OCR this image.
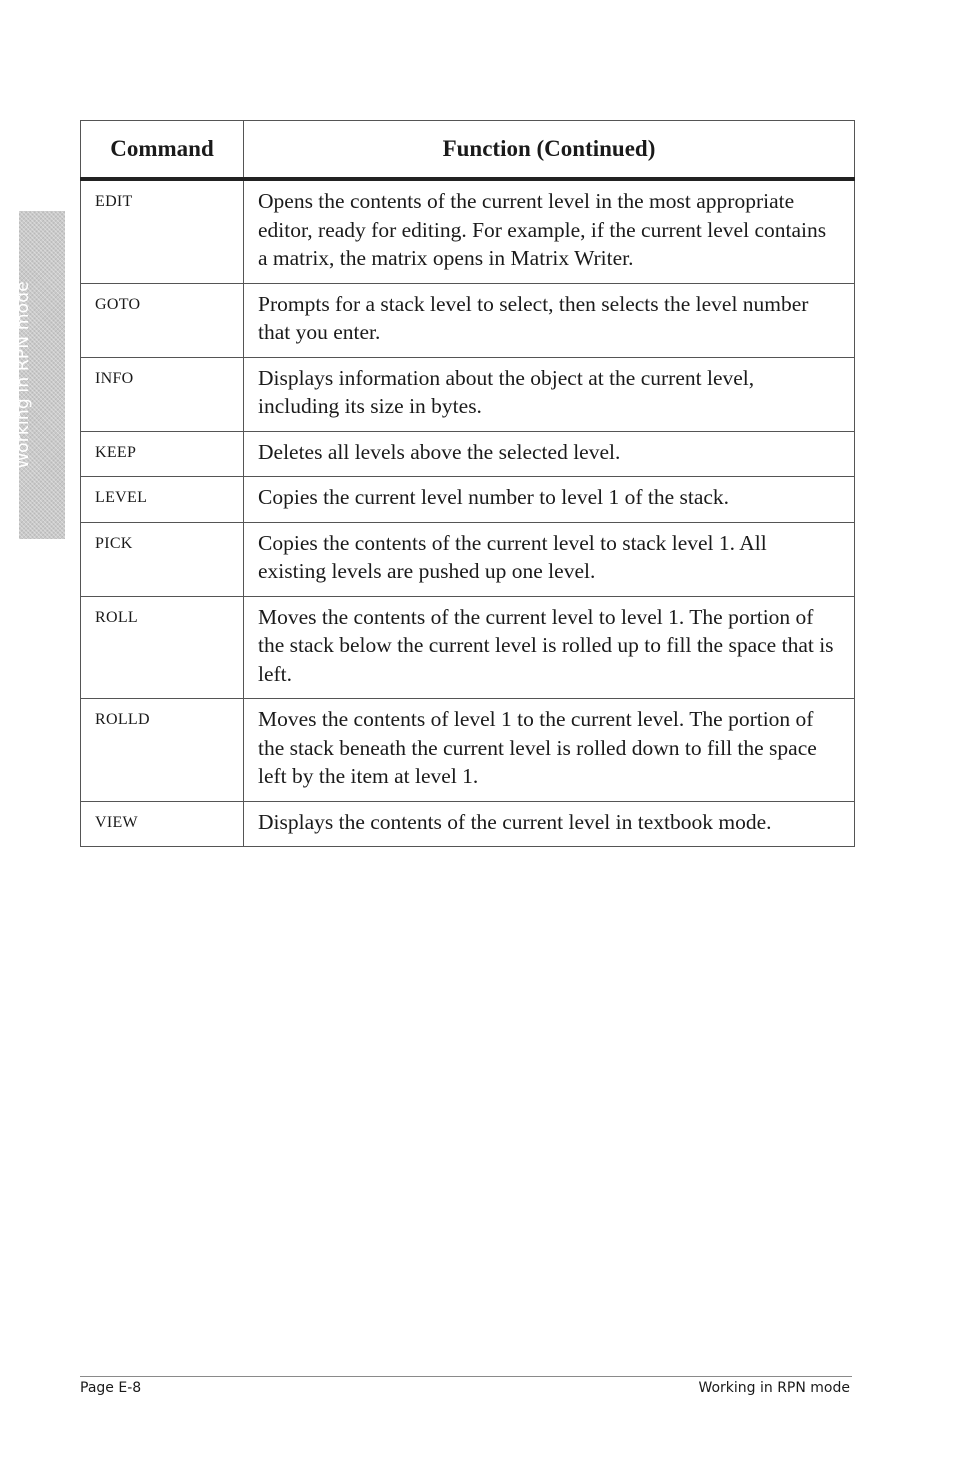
Working in RPN mode
Command	Function (Continued)
EDIT	Opens the contents of the current level in the most appropriate editor, ready for editing. For example, if the current level contains a matrix, the matrix opens in Matrix Writer.
GOTO	Prompts for a stack level to select, then selects the level number that you enter.
INFO	Displays information about the object at the current level, including its size in bytes.
KEEP	Deletes all levels above the selected level.
LEVEL	Copies the current level number to level 1 of the stack.
PICK	Copies the contents of the current level to stack level 1. All existing levels are pushed up one level.
ROLL	Moves the contents of the current level to level 1. The portion of the stack below the current level is rolled up to fill the space that is left.
ROLLD	Moves the contents of level 1 to the current level. The portion of the stack beneath the current level is rolled down to fill the space left by the item at level 1.
VIEW	Displays the contents of the current level in textbook mode.
Page E-8	Working in RPN mode
